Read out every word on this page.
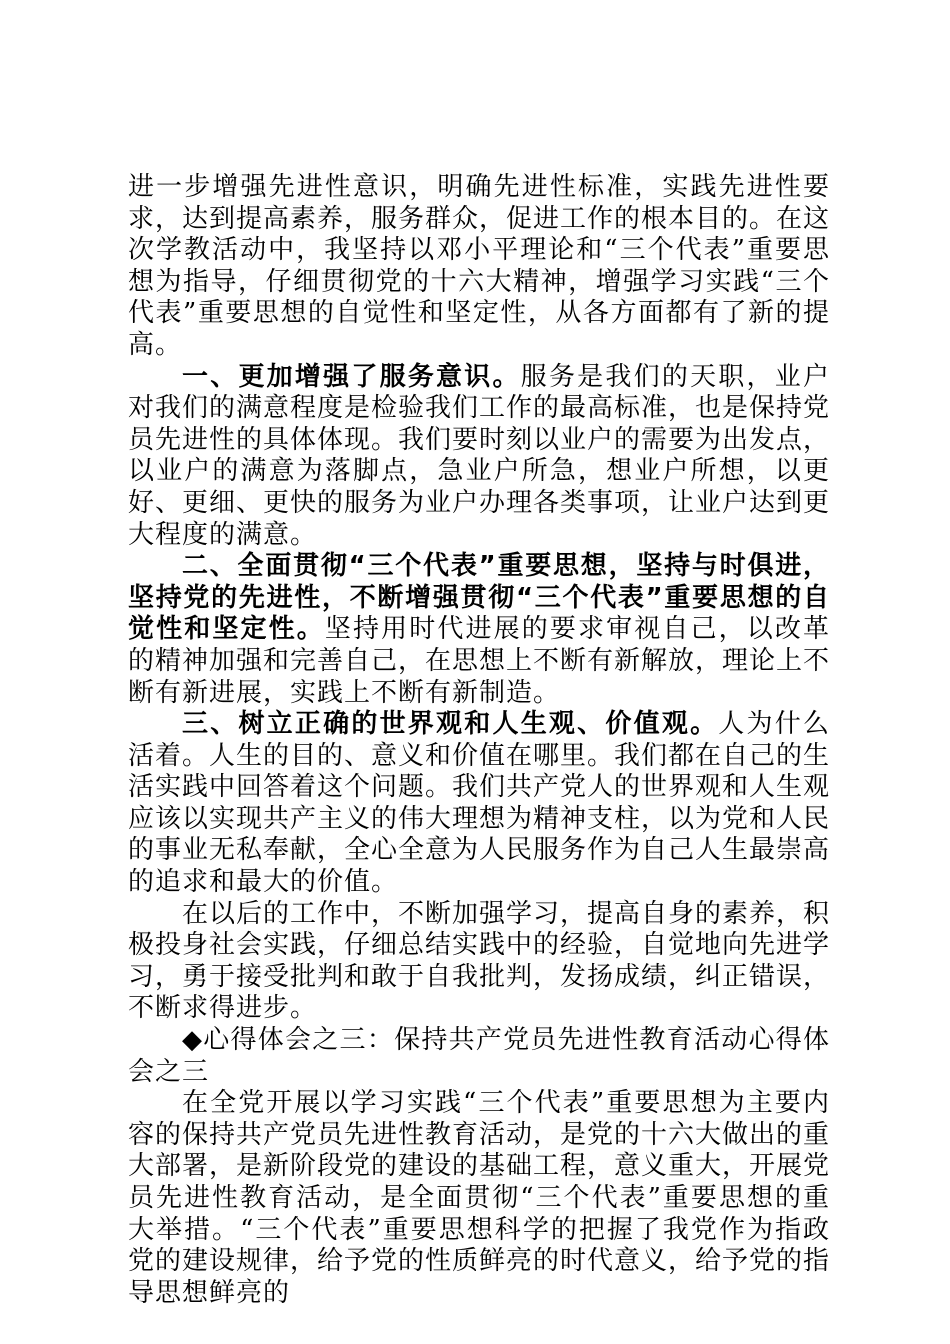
进一步增强先进性意识，明确先进性标准，实践先进性要求，达到提高素养，服务群众，促进工作的根本目的。在这次学教活动中，我坚持以邓小平理论和“三个代表”重要思想为指导，仔细贯彻党的十六大精神，增强学习实践“三个代表”重要思想的自觉性和坚定性，从各方面都有了新的提高。

一、更加增强了服务意识。服务是我们的天职，业户对我们的满意程度是检验我们工作的最高标准，也是保持党员先进性的具体体现。我们要时刻以业户的需要为出发点，以业户的满意为落脚点，急业户所急，想业户所想，以更好、更细、更快的服务为业户办理各类事项，让业户达到更大程度的满意。

二、全面贯彻“三个代表”重要思想，坚持与时俱进，坚持党的先进性，不断增强贯彻“三个代表”重要思想的自觉性和坚定性。坚持用时代进展的要求审视自己，以改革的精神加强和完善自己，在思想上不断有新解放，理论上不断有新进展，实践上不断有新制造。

三、树立正确的世界观和人生观、价值观。人为什么活着。人生的目的、意义和价值在哪里。我们都在自己的生活实践中回答着这个问题。我们共产党人的世界观和人生观应该以实现共产主义的伟大理想为精神支柱，以为党和人民的事业无私奉献，全心全意为人民服务作为自己人生最崇高的追求和最大的价值。

在以后的工作中，不断加强学习，提高自身的素养，积极投身社会实践，仔细总结实践中的经验，自觉地向先进学习，勇于接受批判和敢于自我批判，发扬成绩，纠正错误，不断求得进步。

◆心得体会之三：保持共产党员先进性教育活动心得体会之三

在全党开展以学习实践“三个代表”重要思想为主要内容的保持共产党员先进性教育活动，是党的十六大做出的重大部署，是新阶段党的建设的基础工程，意义重大，开展党员先进性教育活动，是全面贯彻“三个代表”重要思想的重大举措。“三个代表”重要思想科学的把握了我党作为指政党的建设规律，给予党的性质鲜亮的时代意义，给予党的指导思想鲜亮的
